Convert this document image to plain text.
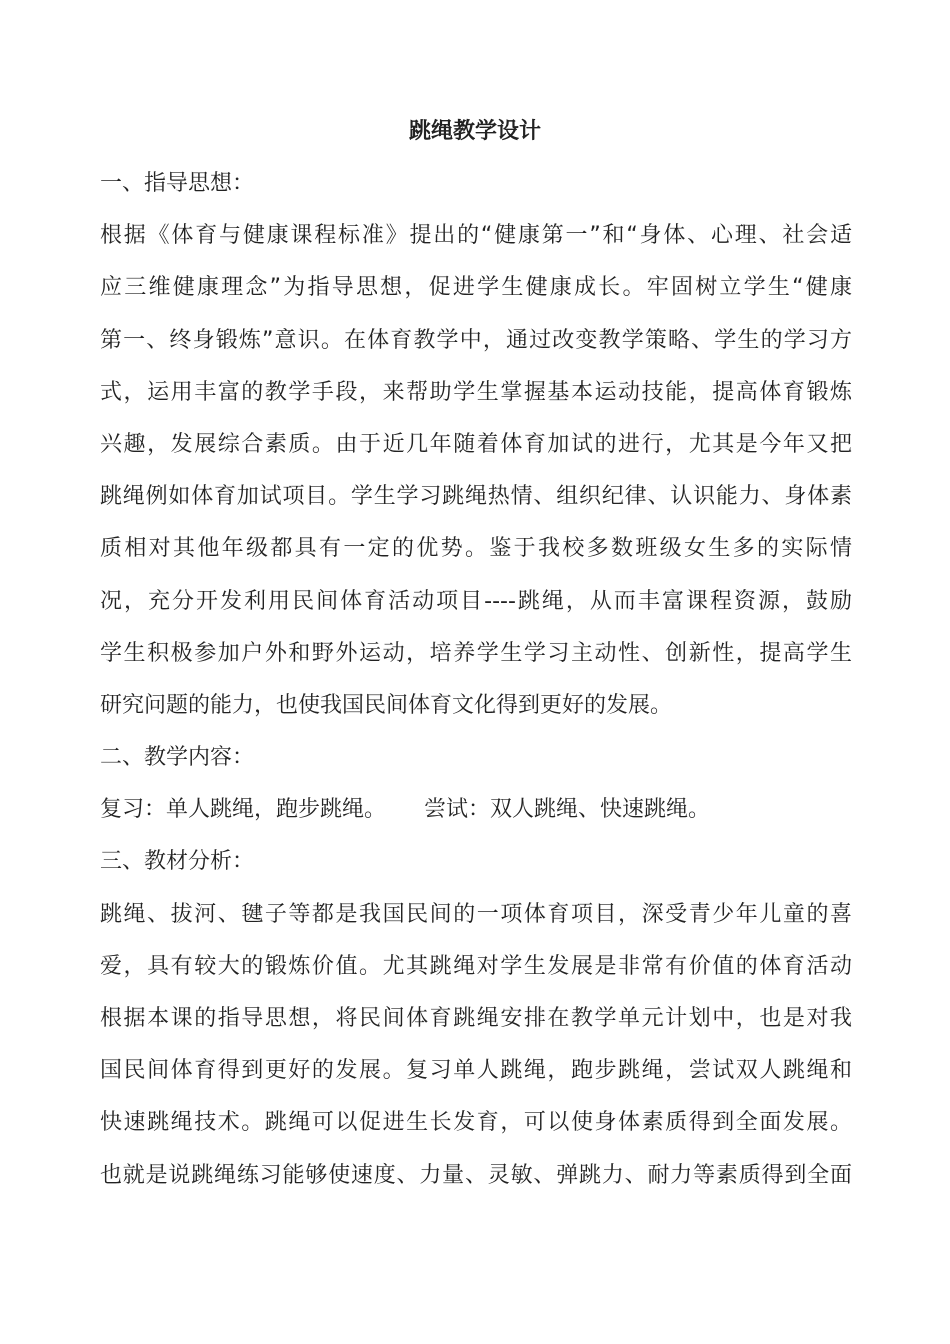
跳绳教学设计
一、指导思想：
根据《体育与健康课程标准》提出的“健康第一”和“身体、心理、社会适
应三维健康理念”为指导思想，促进学生健康成长。牢固树立学生“健康
第一、终身锻炼”意识。在体育教学中，通过改变教学策略、学生的学习方
式，运用丰富的教学手段，来帮助学生掌握基本运动技能，提高体育锻炼
兴趣，发展综合素质。由于近几年随着体育加试的进行，尤其是今年又把
跳绳例如体育加试项目。学生学习跳绳热情、组织纪律、认识能力、身体素
质相对其他年级都具有一定的优势。鉴于我校多数班级女生多的实际情
况，充分开发利用民间体育活动项目----跳绳，从而丰富课程资源，鼓励
学生积极参加户外和野外运动，培养学生学习主动性、创新性，提高学生
研究问题的能力，也使我国民间体育文化得到更好的发展。
二、教学内容：
复习：单人跳绳，跑步跳绳。 尝试：双人跳绳、快速跳绳。
三、教材分析：
跳绳、拔河、毽子等都是我国民间的一项体育项目，深受青少年儿童的喜
爱，具有较大的锻炼价值。尤其跳绳对学生发展是非常有价值的体育活动
根据本课的指导思想，将民间体育跳绳安排在教学单元计划中，也是对我
国民间体育得到更好的发展。复习单人跳绳，跑步跳绳，尝试双人跳绳和
快速跳绳技术。跳绳可以促进生长发育，可以使身体素质得到全面发展。
也就是说跳绳练习能够使速度、力量、灵敏、弹跳力、耐力等素质得到全面
